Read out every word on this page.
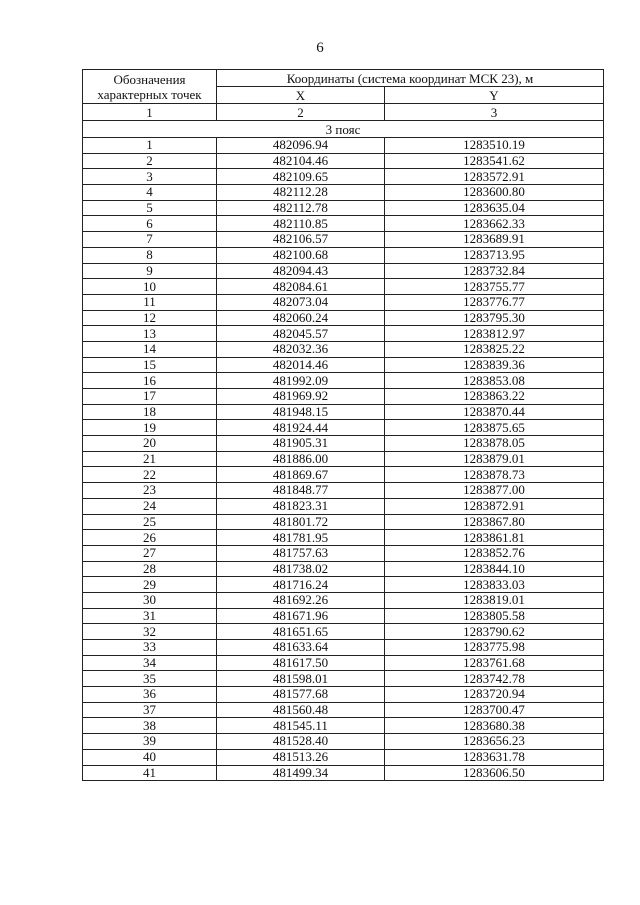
6
Обозначения характерных точек	Координаты (система координат МСК 23), м	
	X	Y
1	2	3
3 пояс		
1	482096.94	1283510.19
2	482104.46	1283541.62
3	482109.65	1283572.91
4	482112.28	1283600.80
5	482112.78	1283635.04
6	482110.85	1283662.33
7	482106.57	1283689.91
8	482100.68	1283713.95
9	482094.43	1283732.84
10	482084.61	1283755.77
11	482073.04	1283776.77
12	482060.24	1283795.30
13	482045.57	1283812.97
14	482032.36	1283825.22
15	482014.46	1283839.36
16	481992.09	1283853.08
17	481969.92	1283863.22
18	481948.15	1283870.44
19	481924.44	1283875.65
20	481905.31	1283878.05
21	481886.00	1283879.01
22	481869.67	1283878.73
23	481848.77	1283877.00
24	481823.31	1283872.91
25	481801.72	1283867.80
26	481781.95	1283861.81
27	481757.63	1283852.76
28	481738.02	1283844.10
29	481716.24	1283833.03
30	481692.26	1283819.01
31	481671.96	1283805.58
32	481651.65	1283790.62
33	481633.64	1283775.98
34	481617.50	1283761.68
35	481598.01	1283742.78
36	481577.68	1283720.94
37	481560.48	1283700.47
38	481545.11	1283680.38
39	481528.40	1283656.23
40	481513.26	1283631.78
41	481499.34	1283606.50
